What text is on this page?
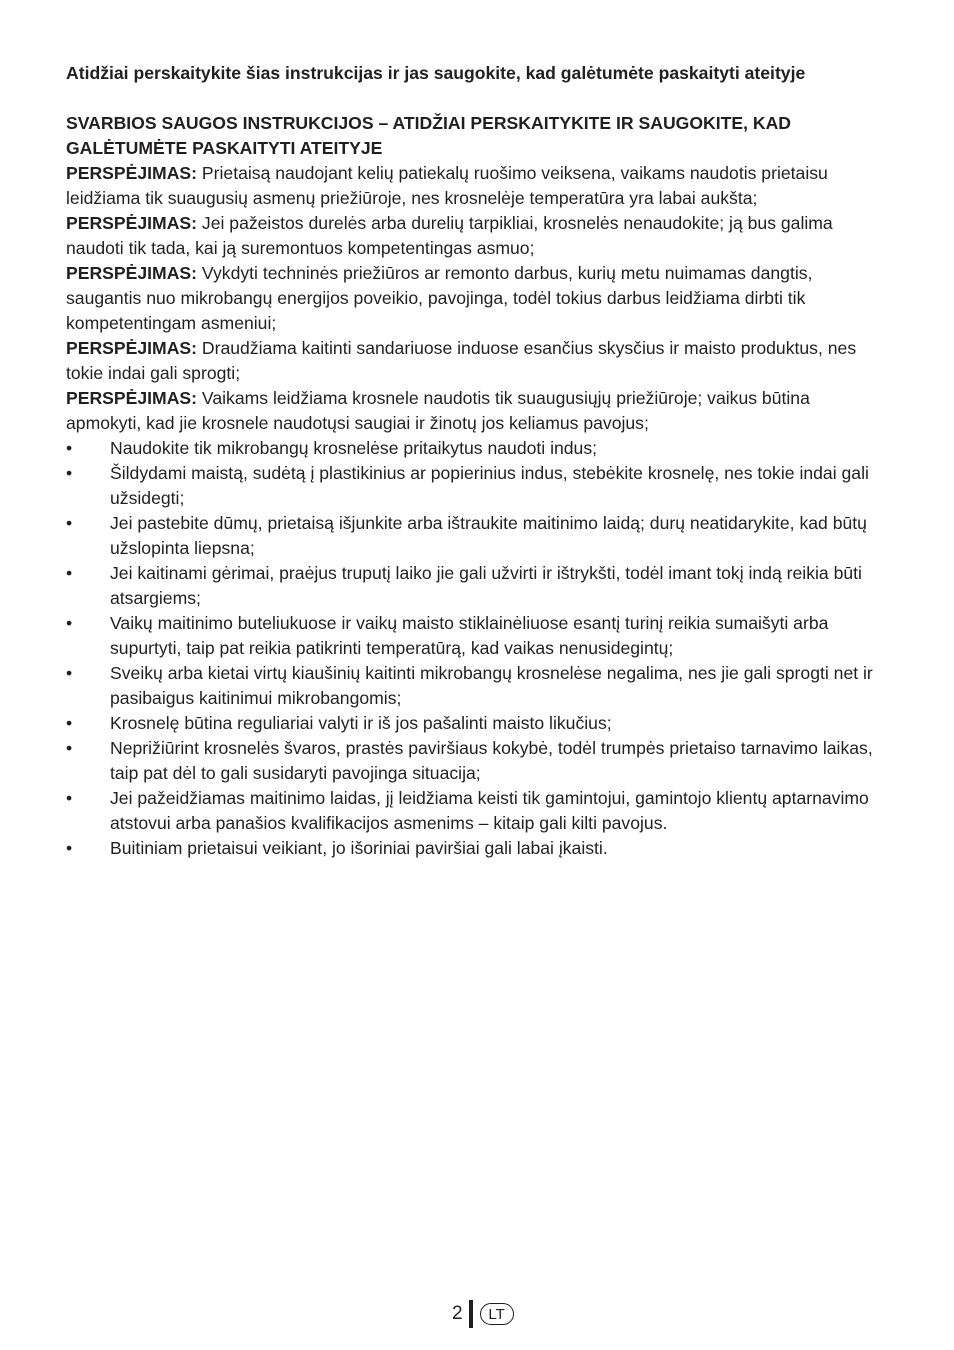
Atidžiai perskaitykite šias instrukcijas ir jas saugokite, kad galėtumėte paskaityti ateityje

SVARBIOS SAUGOS INSTRUKCIJOS – ATIDŽIAI PERSKAITYKITE IR SAUGOKITE, KAD GALĖTUMĖTE PASKAITYTI ATEITYJE

PERSPĖJIMAS: Prietaisą naudojant kelių patiekalų ruošimo veiksena, vaikams naudotis prietaisu leidžiama tik suaugusių asmenų priežiūroje, nes krosnelėje temperatūra yra labai aukšta;

PERSPĖJIMAS: Jei pažeistos durelės arba durelių tarpikliai, krosnelės nenaudokite; ją bus galima naudoti tik tada, kai ją suremontuos kompetentingas asmuo;

PERSPĖJIMAS: Vykdyti techninės priežiūros ar remonto darbus, kurių metu nuimamas dangtis, saugantis nuo mikrobangų energijos poveikio, pavojinga, todėl tokius darbus leidžiama dirbti tik kompetentingam asmeniui;

PERSPĖJIMAS: Draudžiama kaitinti sandariuose induose esančius skysčius ir maisto produktus, nes tokie indai gali sprogti;

PERSPĖJIMAS: Vaikams leidžiama krosnele naudotis tik suaugusiųjų priežiūroje; vaikus būtina apmokyti, kad jie krosnele naudotųsi saugiai ir žinotų jos keliamus pavojus;

•	Naudokite tik mikrobangų krosnelėse pritaikytus naudoti indus;
•	Šildydami maistą, sudėtą į plastikinius ar popierinius indus, stebėkite krosnelę, nes tokie indai gali užsidegti;
•	Jei pastebite dūmų, prietaisą išjunkite arba ištraukite maitinimo laidą; durų neatidarykite, kad būtų užslopinta liepsna;
•	Jei kaitinami gėrimai, praėjus truputį laiko jie gali užvirti ir ištrykšti, todėl imant tokį indą reikia būti atsargiems;
•	Vaikų maitinimo buteliukuose ir vaikų maisto stiklainėliuose esantį turinį reikia sumaišyti arba supurtyti, taip pat reikia patikrinti temperatūrą, kad vaikas nenusidegintų;
•	Sveikų arba kietai virtų kiaušinių kaitinti mikrobangų krosnelėse negalima, nes jie gali sprogti net ir pasibaigus kaitinimui mikrobangomis;
•	Krosnelę būtina reguliariai valyti ir iš jos pašalinti maisto likučius;
•	Neprižiūrint krosnelės švaros, prastės paviršiaus kokybė, todėl trumpės prietaiso tarnavimo laikas, taip pat dėl to gali susidaryti pavojinga situacija;
•	Jei pažeidžiamas maitinimo laidas, jį leidžiama keisti tik gamintojui, gamintojo klientų aptarnavimo atstovui arba panašios kvalifikacijos asmenims – kitaip gali kilti pavojus.
•	Buitiniam prietaisui veikiant, jo išoriniai paviršiai gali labai įkaisti.
2	LT
